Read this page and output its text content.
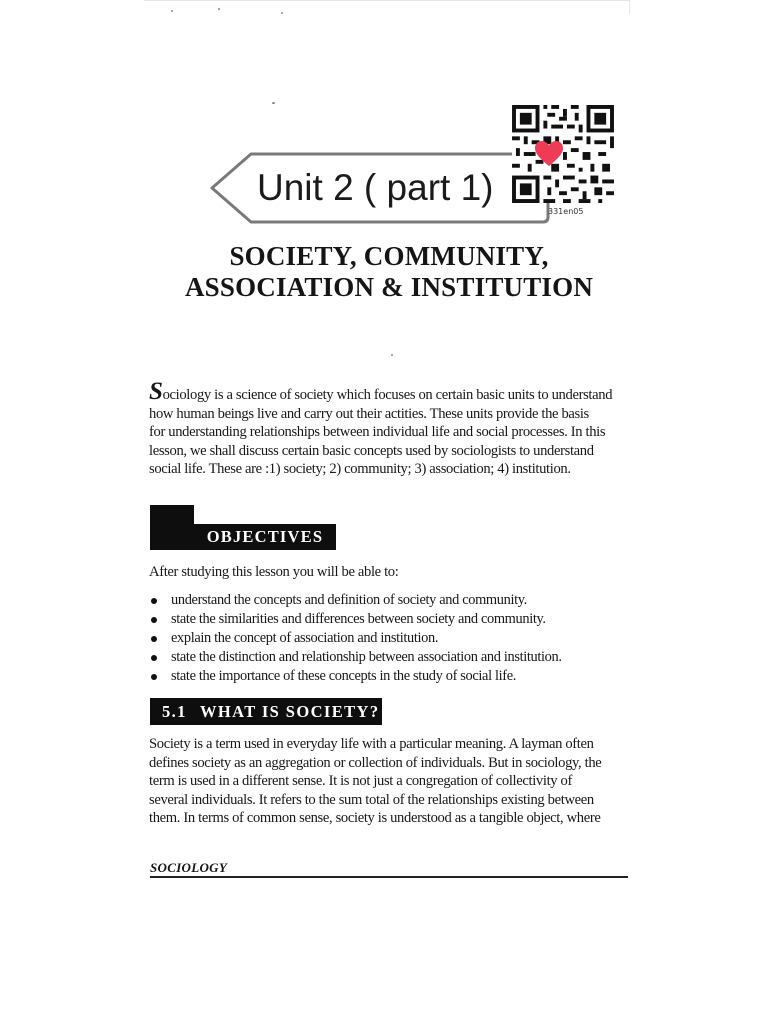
Unit 2 ( part 1)
331en05
SOCIETY, COMMUNITY,
ASSOCIATION & INSTITUTION
Sociology is a science of society which focuses on certain basic units to understand
how human beings live and carry out their actities. These units provide the basis
for understanding relationships between individual life and social processes. In this
lesson, we shall discuss certain basic concepts used by sociologists to understand
social life. These are :1) society; 2) community; 3) association; 4) institution.
OBJECTIVES
After studying this lesson you will be able to:
understand the concepts and definition of society and community.
state the similarities and differences between society and community.
explain the concept of association and institution.
state the distinction and relationship between association and institution.
state the importance of these concepts in the study of social life.
5.1 WHAT IS SOCIETY?
Society is a term used in everyday life with a particular meaning. A layman often
defines society as an aggregation or collection of individuals. But in sociology, the
term is used in a different sense. It is not just a congregation of collectivity of
several individuals. It refers to the sum total of the relationships existing between
them. In terms of common sense, society is understood as a tangible object, where
SOCIOLOGY
